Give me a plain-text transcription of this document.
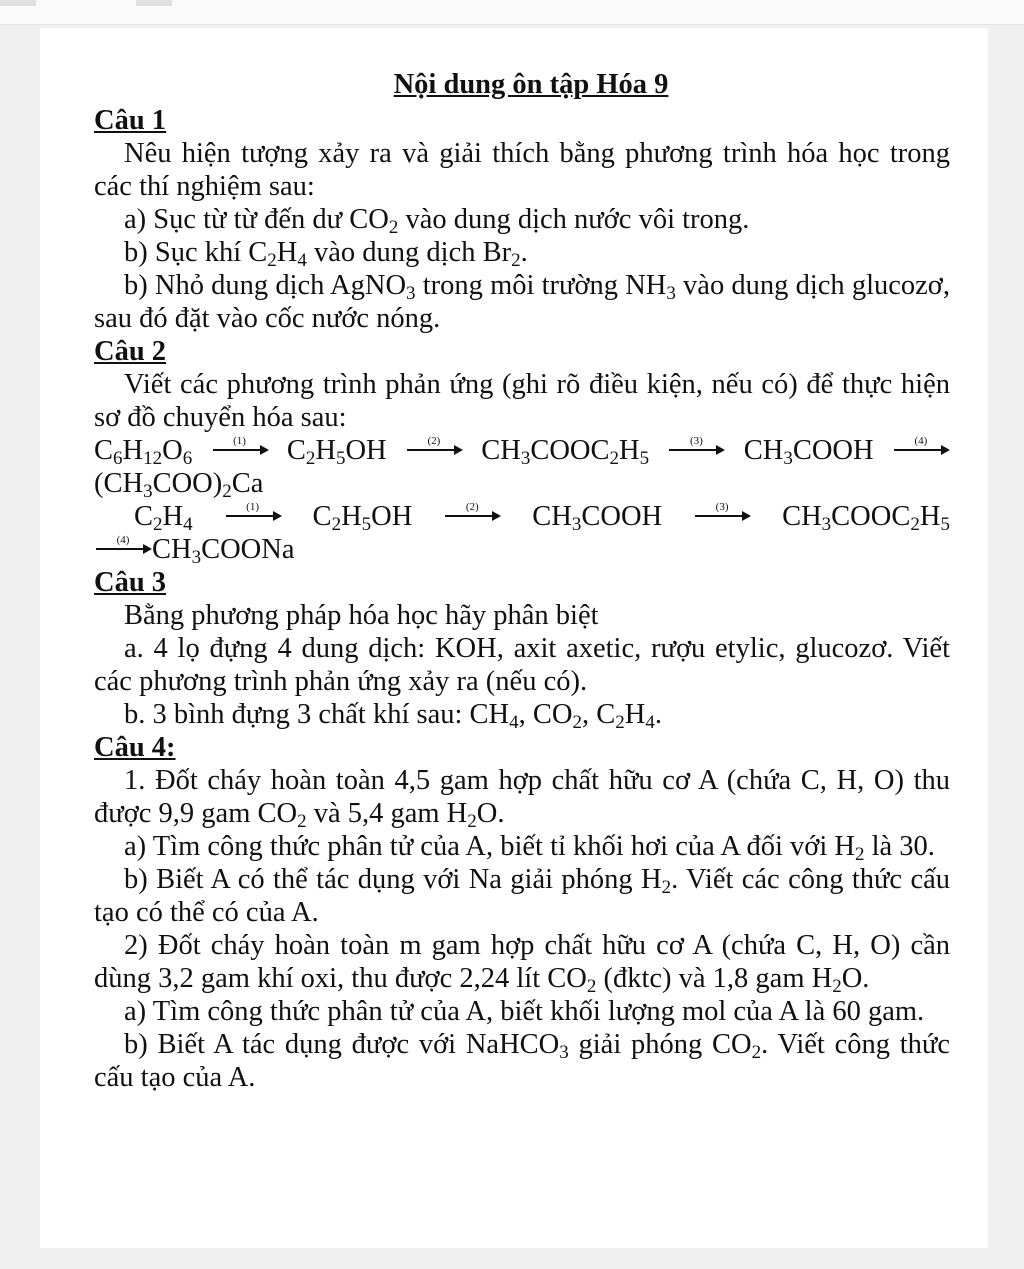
Nội dung ôn tập Hóa 9
Câu 1
Nêu hiện tượng xảy ra và giải thích bằng phương trình hóa học trong các thí nghiệm sau:
a) Sục từ từ đến dư $CO_2$ vào dung dịch nước vôi trong.
b) Sục khí $C_2H_4$ vào dung dịch $Br_2$.
b) Nhỏ dung dịch AgNO$_3$ trong môi trường $NH_3$ vào dung dịch glucozơ, sau đó đặt vào cốc nước nóng.
Câu 2
Viết các phương trình phản ứng (ghi rõ điều kiện, nếu có) để thực hiện sơ đồ chuyển hóa sau:
$C_6H_{12}O_6$
(1)	$C_2H_5OH$	(2)	$CH_3COOC_2H_5$
(3)	$CH_3COOH$	(4)
$(CH_3COO)_2Ca$
$C_2H_4$
(1)	$C_2H_5OH$	(2)	$CH_3COOH$	(3)	$CH_3COOC_2H_5$
(4) $CH_3COONa$
Câu 3
Bằng phương pháp hóa học hãy phân biệt
a. 4 lọ đựng 4 dung dịch: KOH, axit axetic, rượu etylic, glucozơ. Viết các phương trình phản ứng xảy ra (nếu có).
b. 3 bình đựng 3 chất khí sau: $CH_4$, $CO_2$, $C_2H_4$.
Câu 4:
1. Đốt cháy hoàn toàn 4,5 gam hợp chất hữu cơ A (chứa C, H, O) thu được 9,9 gam $CO_2$ và 5,4 gam $H_2O$.
a) Tìm công thức phân tử của A, biết tỉ khối hơi của A đối với $H_2$ là 30.
b) Biết A có thể tác dụng với Na giải phóng $H_2$. Viết các công thức cấu tạo có thể có của A.
2) Đốt cháy hoàn toàn m gam hợp chất hữu cơ A (chứa C, H, O) cần dùng 3,2 gam khí oxi, thu được 2,24 lít $CO_2$ (đktc) và 1,8 gam $H_2O$.
a) Tìm công thức phân tử của A, biết khối lượng mol của A là 60 gam.
b) Biết A tác dụng được với NaHCO$_3$ giải phóng $CO_2$. Viết công thức cấu tạo của A.
